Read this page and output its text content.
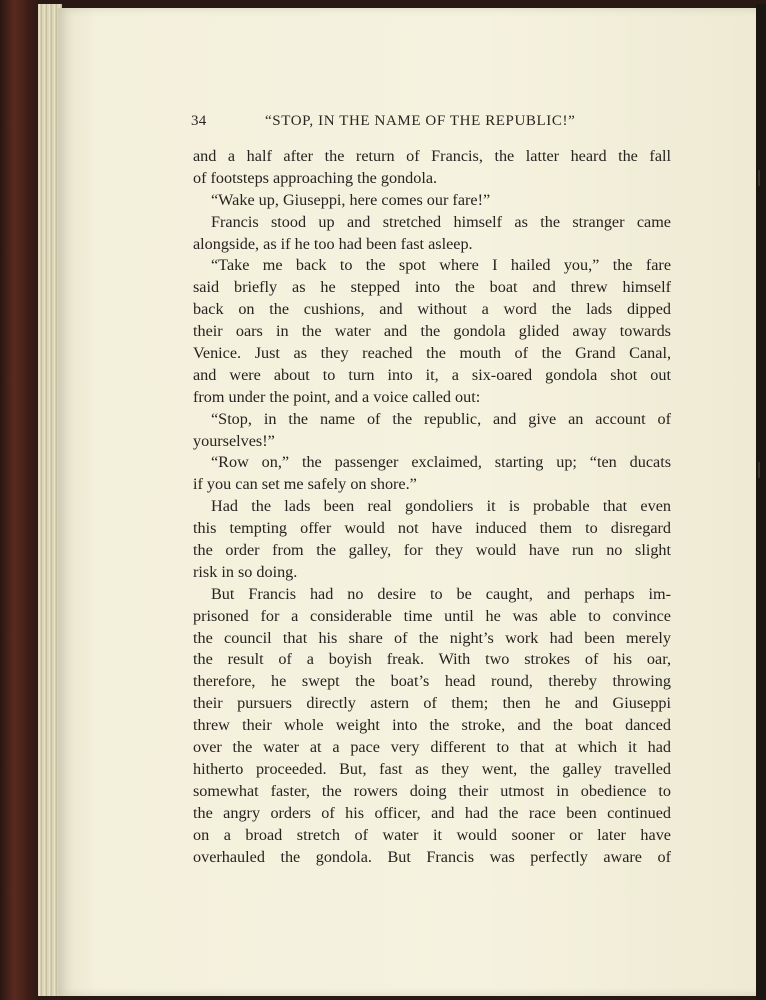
34	“STOP, IN THE NAME OF THE REPUBLIC!”
and a half after the return of Francis, the latter heard the fall
of footsteps approaching the gondola.
“Wake up, Giuseppi, here comes our fare!”
Francis stood up and stretched himself as the stranger came
alongside, as if he too had been fast asleep.
“Take me back to the spot where I hailed you,” the fare
said briefly as he stepped into the boat and threw himself
back on the cushions, and without a word the lads dipped
their oars in the water and the gondola glided away towards
Venice. Just as they reached the mouth of the Grand Canal,
and were about to turn into it, a six-oared gondola shot out
from under the point, and a voice called out:
“Stop, in the name of the republic, and give an account of
yourselves!”
“Row on,” the passenger exclaimed, starting up; “ten ducats
if you can set me safely on shore.”
Had the lads been real gondoliers it is probable that even
this tempting offer would not have induced them to disregard
the order from the galley, for they would have run no slight
risk in so doing.
But Francis had no desire to be caught, and perhaps im-
prisoned for a considerable time until he was able to convince
the council that his share of the night’s work had been merely
the result of a boyish freak. With two strokes of his oar,
therefore, he swept the boat’s head round, thereby throwing
their pursuers directly astern of them; then he and Giuseppi
threw their whole weight into the stroke, and the boat danced
over the water at a pace very different to that at which it had
hitherto proceeded. But, fast as they went, the galley travelled
somewhat faster, the rowers doing their utmost in obedience to
the angry orders of his officer, and had the race been continued
on a broad stretch of water it would sooner or later have
overhauled the gondola. But Francis was perfectly aware of
